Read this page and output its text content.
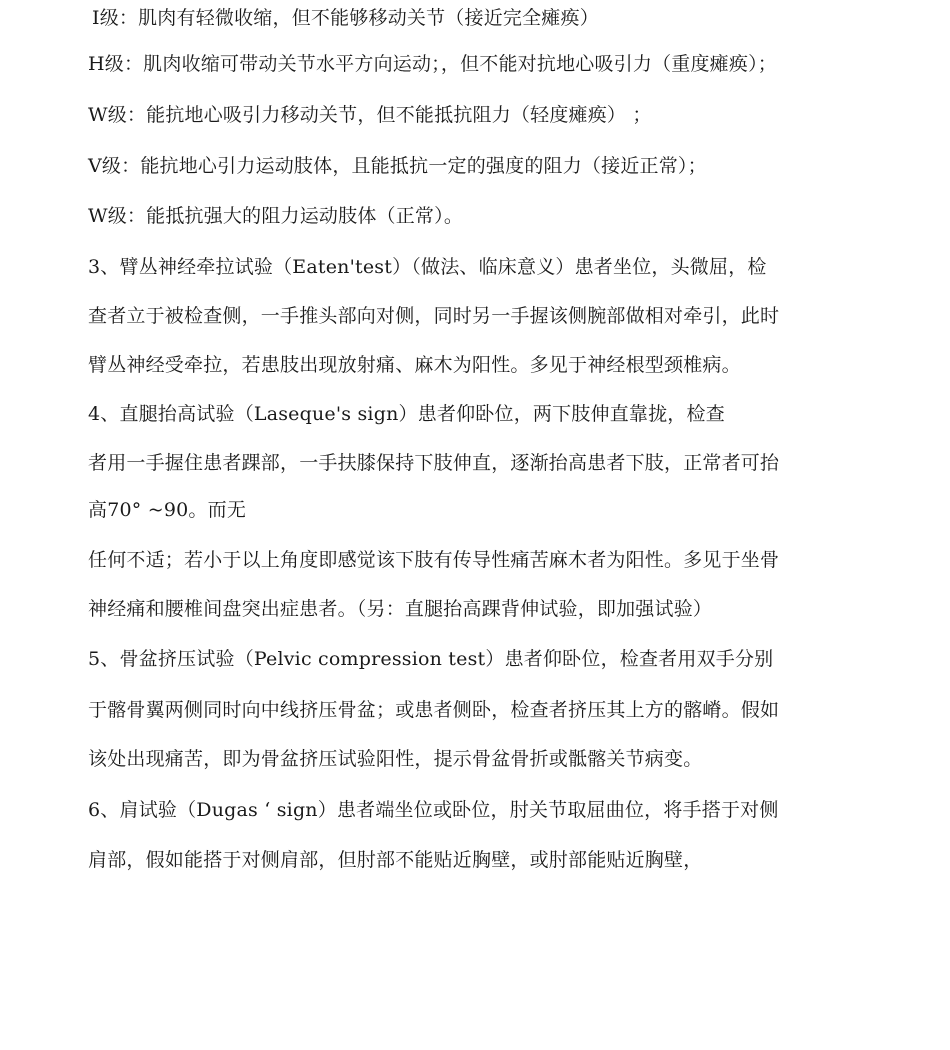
Ⅰ级：肌肉有轻微收缩，但不能够移动关节（接近完全瘫痪）
H级：肌肉收缩可带动关节水平方向运动；，但不能对抗地心吸引力（重度瘫痪）；
W级：能抗地心吸引力移动关节，但不能抵抗阻力（轻度瘫痪） ；
V级：能抗地心引力运动肢体，且能抵抗一定的强度的阻力（接近正常）；
W级：能抵抗强大的阻力运动肢体（正常）。
3、臂丛神经牵拉试验（Eaten'test）（做法、临床意义）患者坐位，头微屈，检
查者立于被检查侧，一手推头部向对侧，同时另一手握该侧腕部做相对牵引，此时
臂丛神经受牵拉，若患肢出现放射痛、麻木为阳性。多见于神经根型颈椎病。
4、直腿抬高试验（Laseque's sign）患者仰卧位，两下肢伸直靠拢，检查
者用一手握住患者踝部，一手扶膝保持下肢伸直，逐渐抬高患者下肢，正常者可抬
高70° ~90。而无
任何不适；若小于以上角度即感觉该下肢有传导性痛苦麻木者为阳性。多见于坐骨
神经痛和腰椎间盘突出症患者。（另：直腿抬高踝背伸试验，即加强试验）
5、骨盆挤压试验（Pelvic compression test）患者仰卧位，检查者用双手分别
于髂骨翼两侧同时向中线挤压骨盆；或患者侧卧，检查者挤压其上方的髂嵴。假如
该处出现痛苦，即为骨盆挤压试验阳性，提示骨盆骨折或骶髂关节病变。
6、肩试验（Dugas ‘ sign）患者端坐位或卧位，肘关节取屈曲位，将手搭于对侧
肩部，假如能搭于对侧肩部，但肘部不能贴近胸壁，或肘部能贴近胸壁，
